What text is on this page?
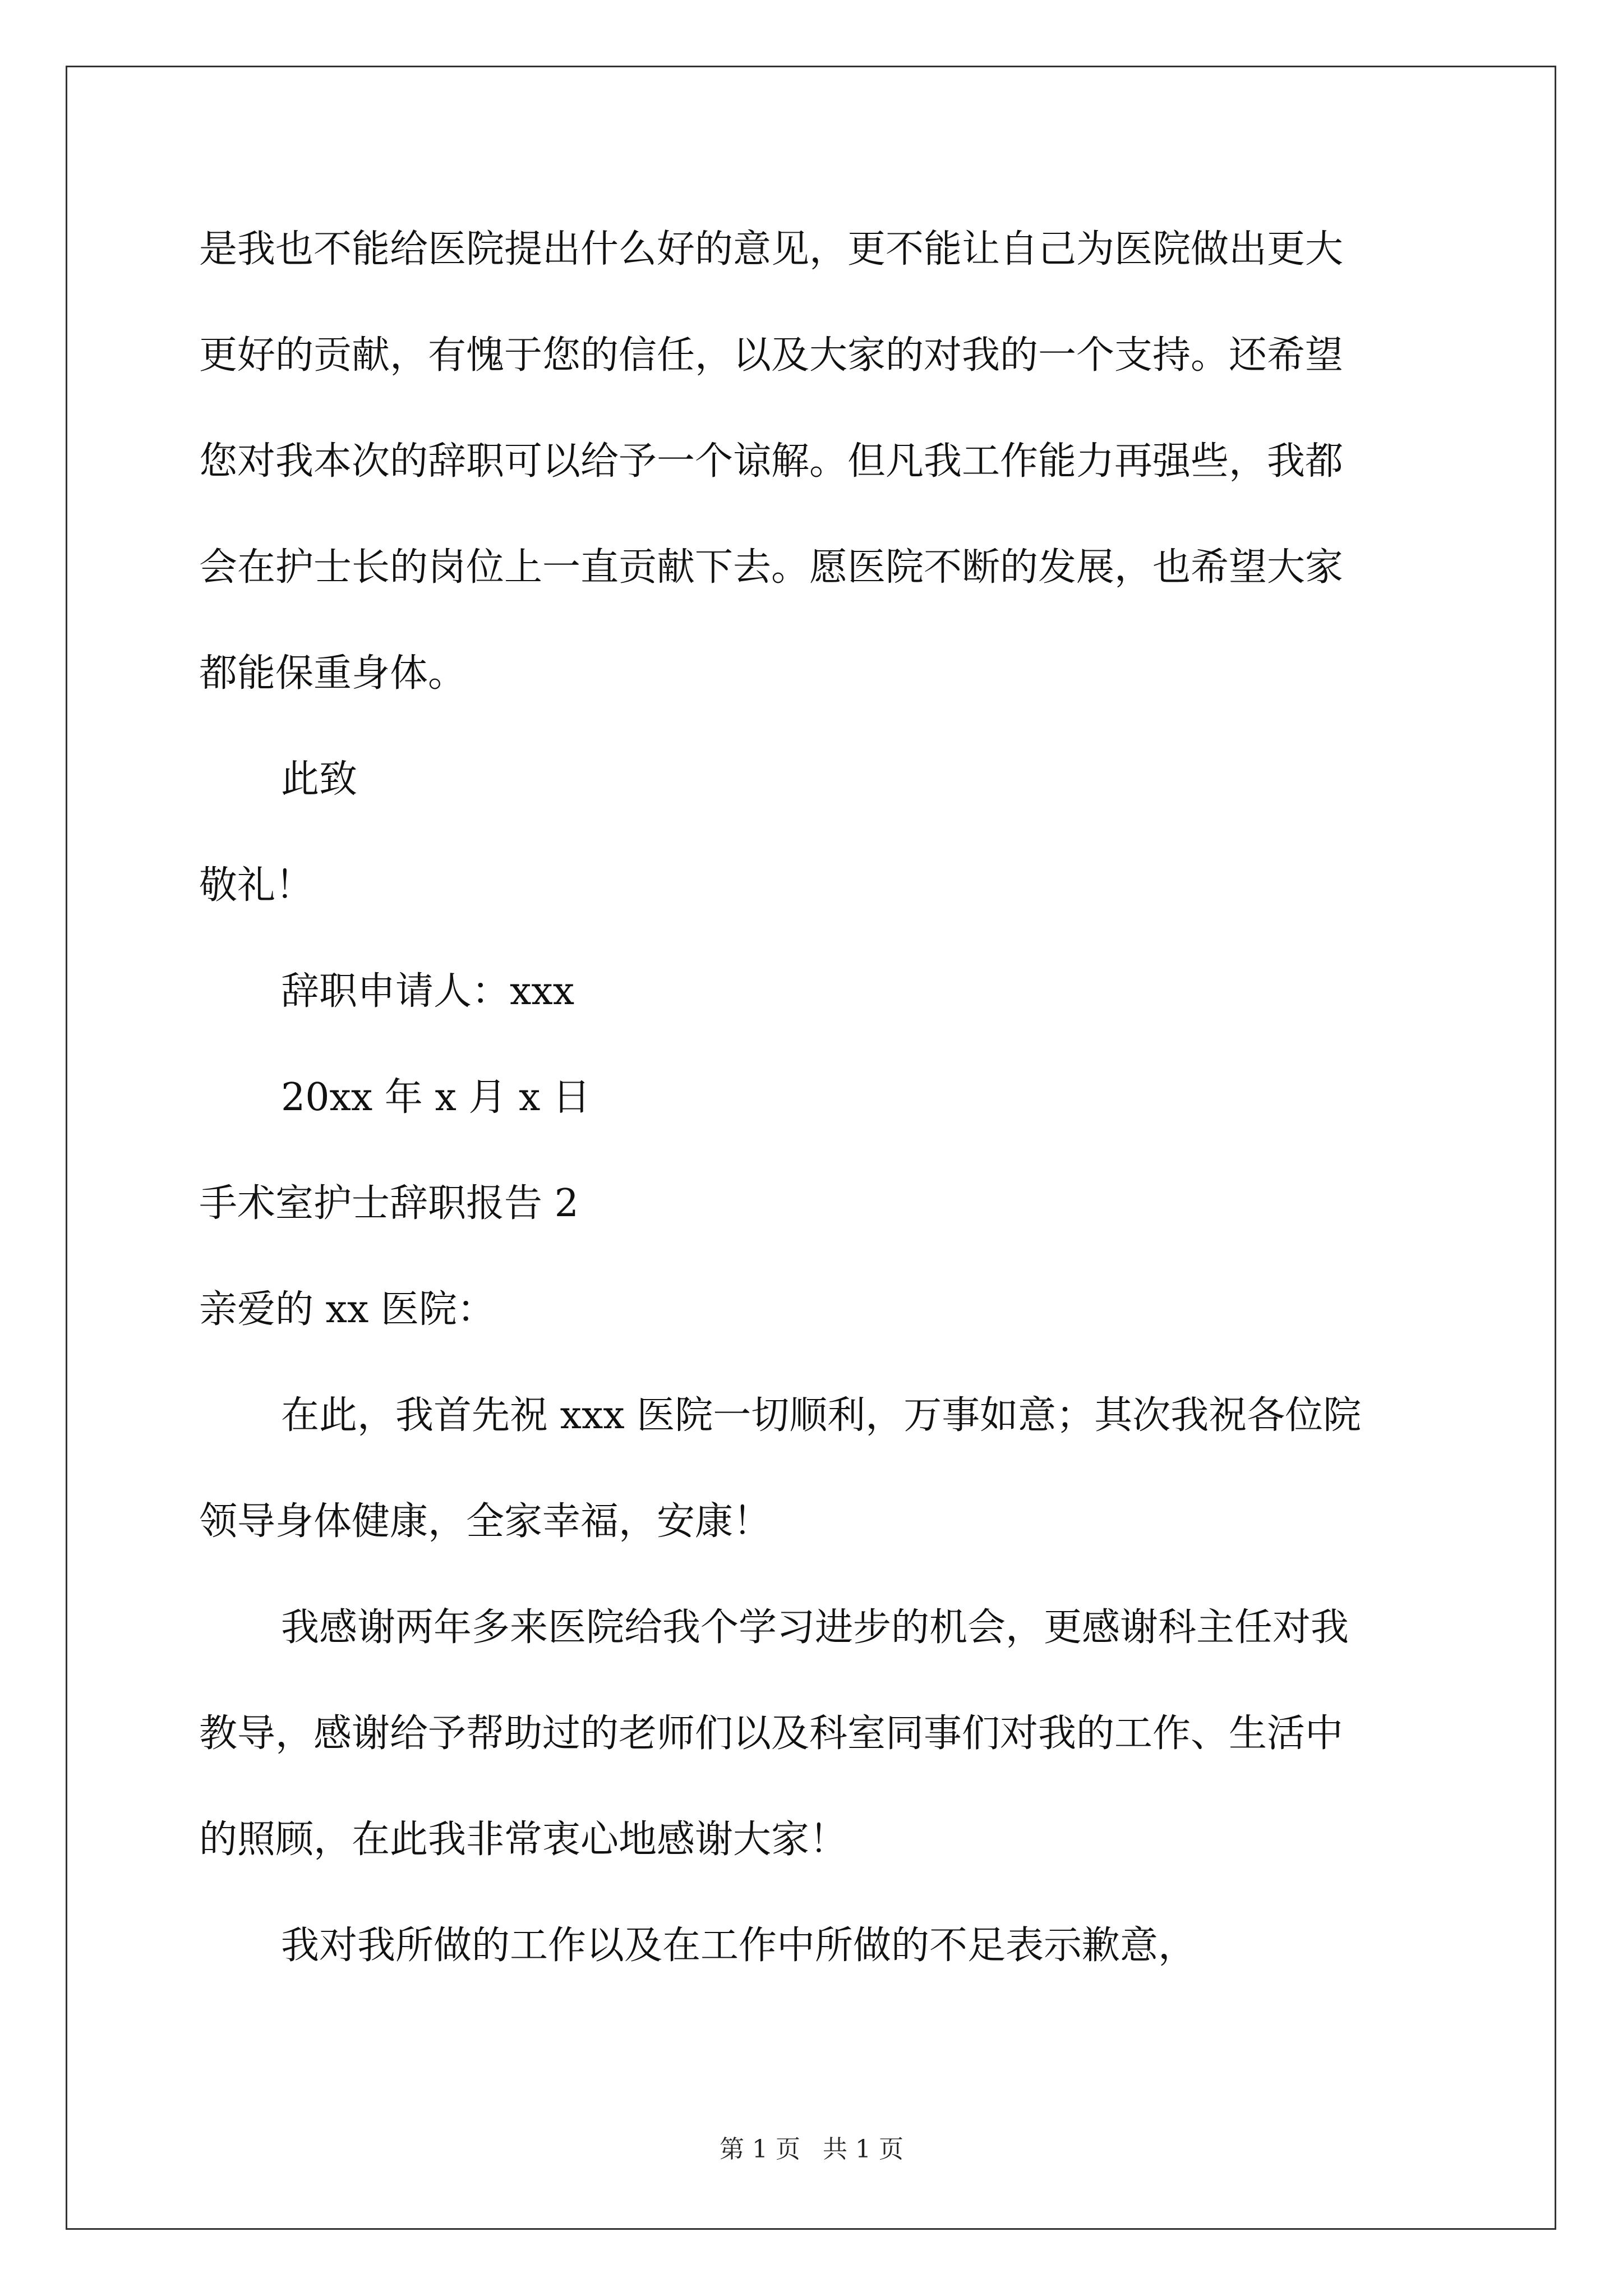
是我也不能给医院提出什么好的意见，更不能让自己为医院做出更大
更好的贡献，有愧于您的信任，以及大家的对我的一个支持。还希望
您对我本次的辞职可以给予一个谅解。但凡我工作能力再强些，我都
会在护士长的岗位上一直贡献下去。愿医院不断的发展，也希望大家
都能保重身体。
此致
敬礼！
辞职申请人：xxx
20xx 年 x 月 x 日
手术室护士辞职报告 2
亲爱的 xx 医院：
在此，我首先祝 xxx 医院一切顺利，万事如意；其次我祝各位院
领导身体健康，全家幸福，安康！
我感谢两年多来医院给我个学习进步的机会，更感谢科主任对我
教导，感谢给予帮助过的老师们以及科室同事们对我的工作、生活中
的照顾，在此我非常衷心地感谢大家！
我对我所做的工作以及在工作中所做的不足表示歉意，
第 1 页 共 1 页
